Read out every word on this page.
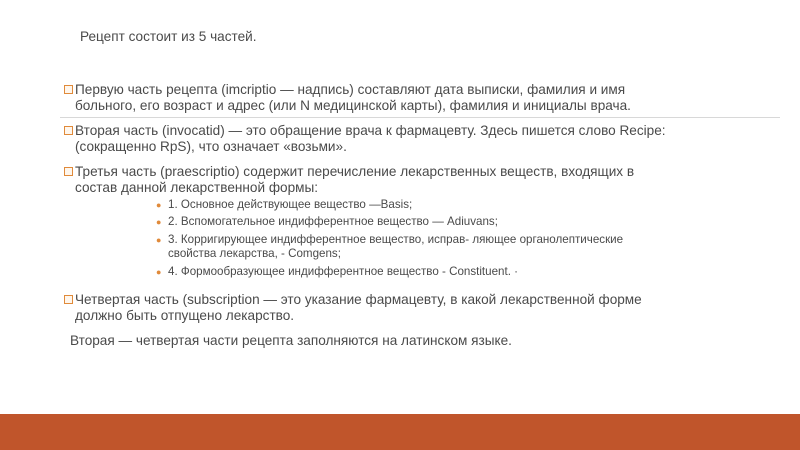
Рецепт состоит из 5 частей.
Первую часть рецепта (imcriptio — надпись) составляют дата выписки, фамилия и имя
больного, его возраст и адрес (или N медицинской карты), фамилия и инициалы врача.
Вторая часть (invocatid) — это обращение врача к фармацевту. Здесь пишется слово Recipe:
(сокращенно RpS), что означает «возьми».
Третья часть (praescriptio) содержит перечисление лекарственных веществ, входящих в
состав данной лекарственной формы:
● 1. Основное действующее вещество —Basis;
● 2. Вспомогательное индифферентное вещество — Adiuvans;
● 3. Корригирующее индифферентное вещество, исправ- ляющее органолептические
свойства лекарства, - Comgens;
● 4. Формообразующее индифферентное вещество - Constituent. ·
Четвертая часть (subscription — это указание фармацевту, в какой лекарственной форме
должно быть отпущено лекарство.
Вторая — четвертая части рецепта заполняются на латинском языке.
